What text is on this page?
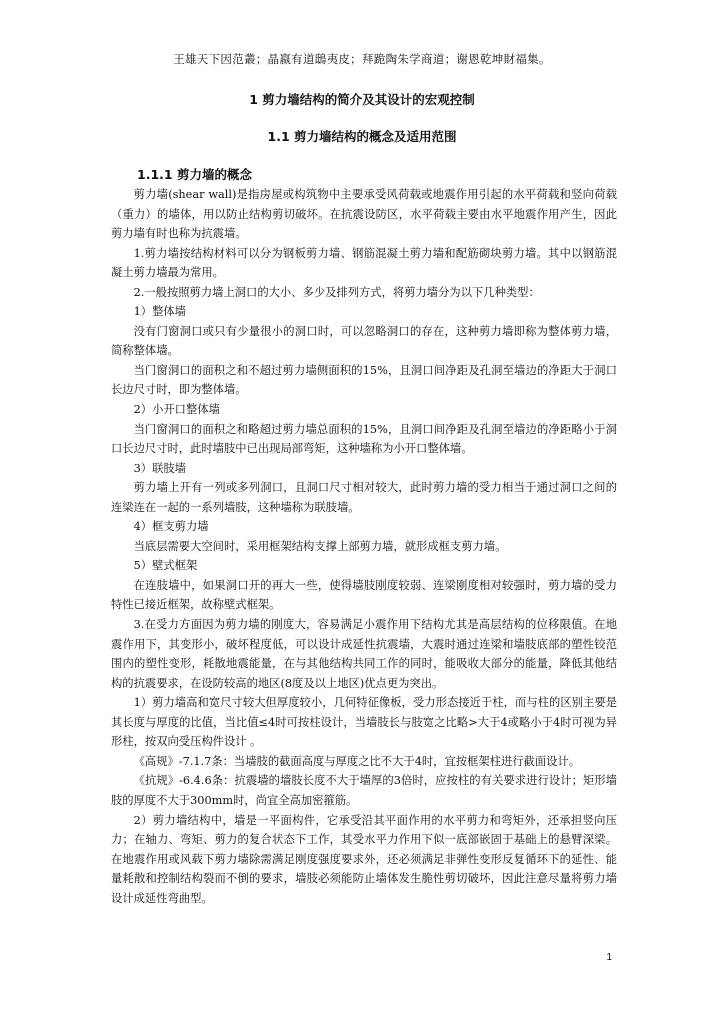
王雄天下因范叢；晶嬴有道鴟夷皮；拜跪陶朱学商道；谢恩乾坤財福集。
1 剪力墙结构的简介及其设计的宏观控制
1.1 剪力墙结构的概念及适用范围
1.1.1 剪力墙的概念

剪力墙(shear wall)是指房屋或构筑物中主要承受风荷载或地震作用引起的水平荷载和竖向荷载（重力）的墙体，用以防止结构剪切破坏。在抗震设防区，水平荷载主要由水平地震作用产生，因此剪力墙有时也称为抗震墙。

1.剪力墙按结构材料可以分为钢板剪力墙、钢筋混凝土剪力墙和配筋砌块剪力墙。其中以钢筋混凝土剪力墙最为常用。

2.一般按照剪力墙上洞口的大小、多少及排列方式，将剪力墙分为以下几种类型：

1）整体墙

没有门窗洞口或只有少量很小的洞口时，可以忽略洞口的存在，这种剪力墙即称为整体剪力墙，简称整体墙。

当门窗洞口的面积之和不超过剪力墙侧面积的15%，且洞口间净距及孔洞至墙边的净距大于洞口长边尺寸时，即为整体墙。

2）小开口整体墙

当门窗洞口的面积之和略超过剪力墙总面积的15%，且洞口间净距及孔洞至墙边的净距略小于洞口长边尺寸时，此时墙肢中已出现局部弯矩，这种墙称为小开口整体墙。

3）联肢墙

剪力墙上开有一列或多列洞口，且洞口尺寸相对较大，此时剪力墙的受力相当于通过洞口之间的连梁连在一起的一系列墙肢，这种墙称为联肢墙。

4）框支剪力墙

当底层需要大空间时，采用框架结构支撑上部剪力墙，就形成框支剪力墙。

5）壁式框架

在连肢墙中，如果洞口开的再大一些，使得墙肢刚度较弱、连梁刚度相对较强时，剪力墙的受力特性已接近框架，故称壁式框架。

3.在受力方面因为剪力墙的刚度大，容易满足小震作用下结构尤其是高层结构的位移限值。在地震作用下，其变形小，破坏程度低，可以设计成延性抗震墙，大震时通过连梁和墙肢底部的塑性铰范围内的塑性变形，耗散地震能量，在与其他结构共同工作的同时，能吸收大部分的能量，降低其他结构的抗震要求，在设防较高的地区(8度及以上地区)优点更为突出。

1）剪力墙高和宽尺寸较大但厚度较小，几何特征像板，受力形态接近于柱，而与柱的区别主要是其长度与厚度的比值，当比值≤4时可按柱设计，当墙肢长与肢宽之比略>大于4或略小于4时可视为异形柱，按双向受压构件设计 。

《高规》-7.1.7条：当墙肢的截面高度与厚度之比不大于4时，宜按框架柱进行截面设计。

《抗规》-6.4.6条：抗震墙的墙肢长度不大于墙厚的3倍时，应按柱的有关要求进行设计；矩形墙肢的厚度不大于300mm时，尚宜全高加密箍筋。

2）剪力墙结构中，墙是一平面构件，它承受沿其平面作用的水平剪力和弯矩外，还承担竖向压力；在轴力、弯矩、剪力的复合状态下工作，其受水平力作用下似一底部嵌固于基础上的悬臂深梁。在地震作用或风载下剪力墙除需满足刚度强度要求外，还必须满足非弹性变形反复循环下的延性、能量耗散和控制结构裂而不倒的要求，墙肢必须能防止墙体发生脆性剪切破坏，因此注意尽量将剪力墙设计成延性弯曲型。

1
